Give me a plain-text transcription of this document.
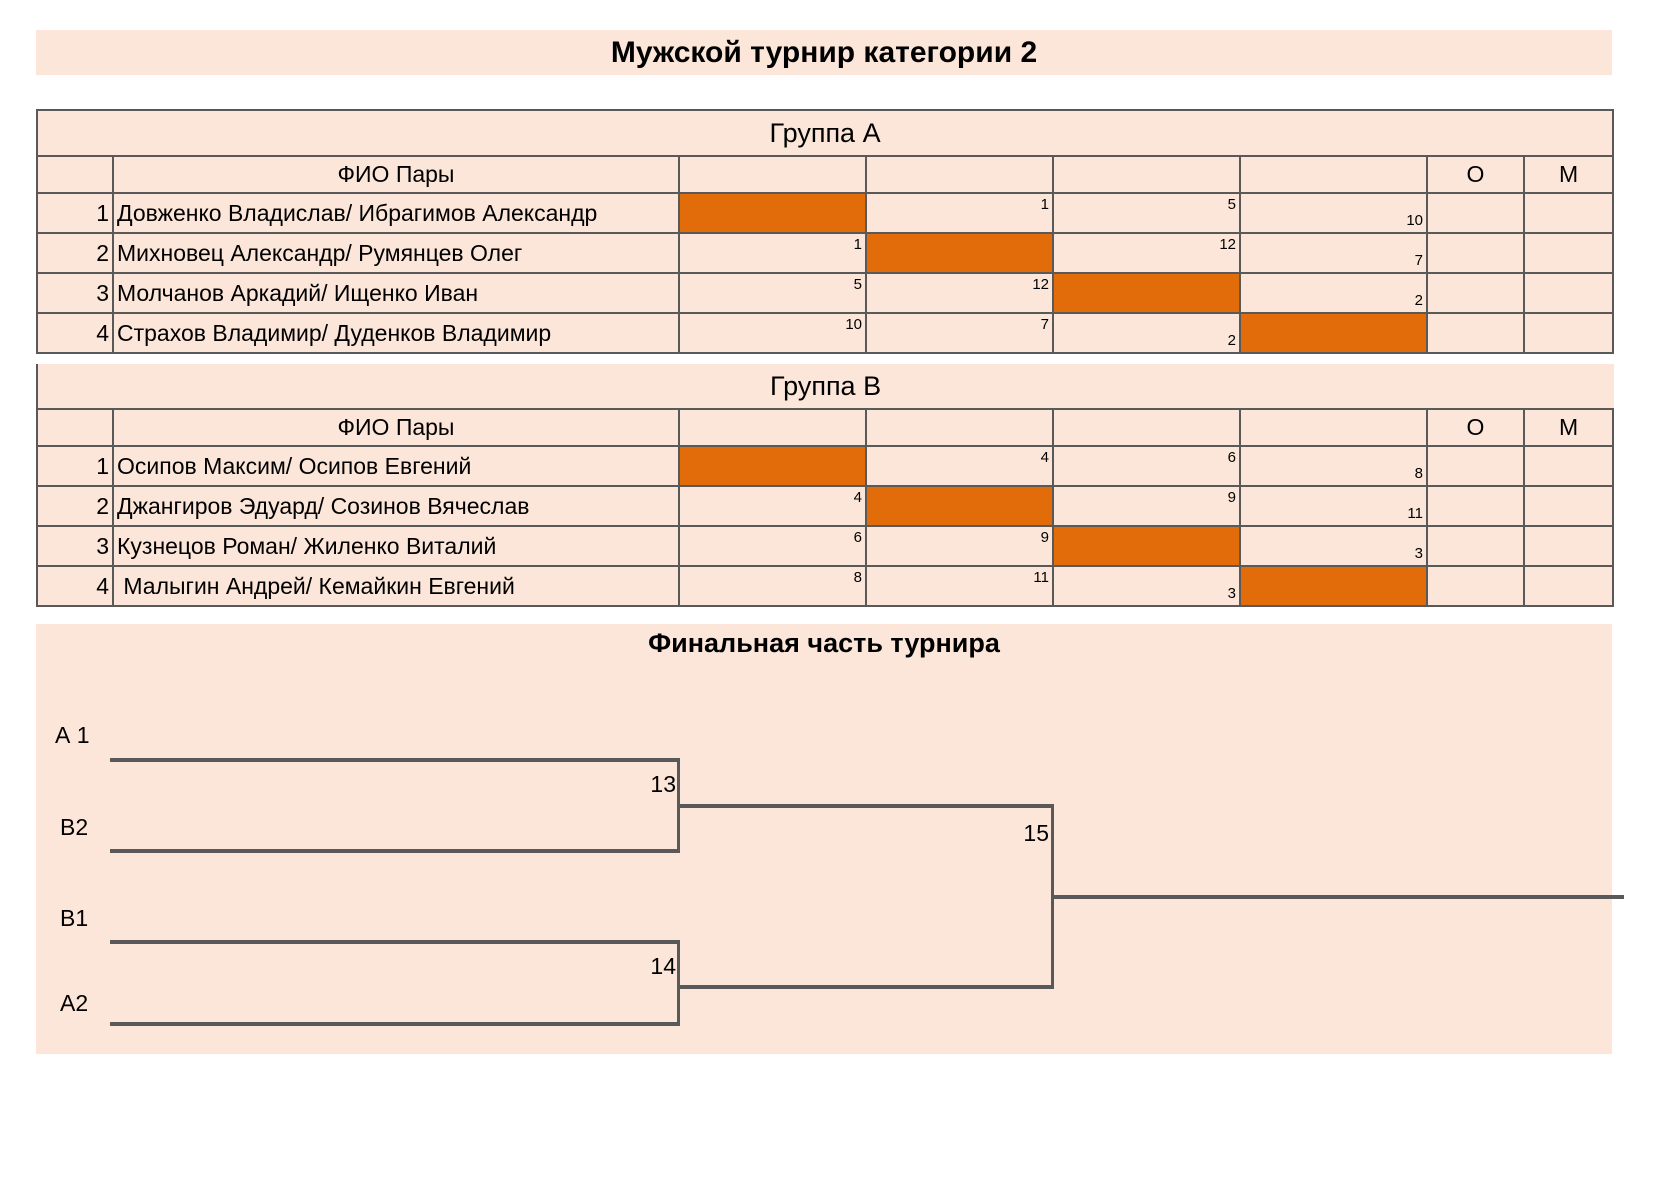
Мужской турнир категории 2
Группа А							
	ФИО Пары					О	М
1	Довженко Владислав/ Ибрагимов Александр		1	5	10		
2	Михновец Александр/ Румянцев Олег	1		12	7		
3	Молчанов Аркадий/ Ищенко Иван	5	12		2		
4	Страхов Владимир/ Дуденков Владимир	10	7	2			
Группа В							
	ФИО Пары					О	М
1	Осипов Максим/ Осипов Евгений		4	6	8		
2	Джангиров Эдуард/ Созинов Вячеслав	4		9	11		
3	Кузнецов Роман/ Жиленко Виталий	6	9		3		
4	Малыгин Андрей/ Кемайкин Евгений	8	11	3			
Финальная часть турнира
А 1
В2
В1
А2
13
14
15
